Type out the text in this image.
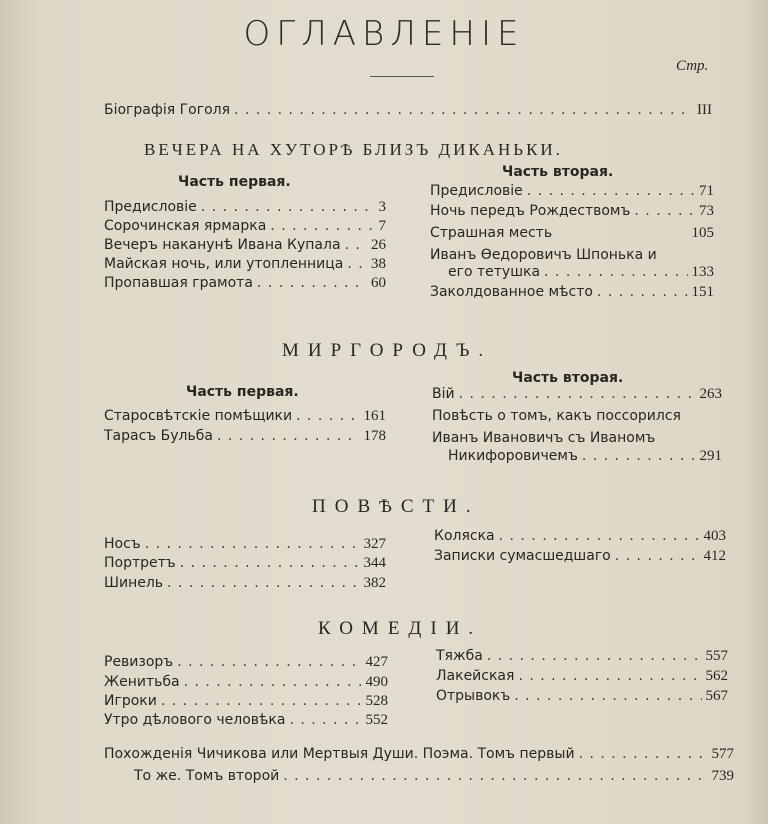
ОГЛАВЛЕНIЕ
Стр.
Бiографiя Гоголя . . .	III
ВЕЧЕРА НА ХУТОРѢ БЛИЗЪ ДИКАНЬКИ.
Часть первая.
Часть вторая.
Предисловiе . . .	3
Сорочинская ярмарка . . .	7
Вечеръ наканунѣ Ивана Купала . . . 26
Майская ночь, или утопленница . . . 38
Пропавшая грамота . . .	60
Предисловiе . . .	71
Ночь передъ Рождествомъ . . .	73
Страшная месть	105
Иванъ Ѳедоровичъ Шпонька и
его тетушка . . .	133
Заколдованное мѣсто . . .	151
МИРГОРОДЪ.
Часть первая.
Часть вторая.
Старосвѣтскiе помѣщики . . .	161
Тарасъ Бульба . . .	178
Вiй . . .	263
Повѣсть о томъ, какъ поссорился
Иванъ Ивановичъ съ Иваномъ
Никифоровичемъ . . .	291
ПОВѢСТИ.
Носъ . . .	327
Портретъ . . .	344
Шинель . . .	382
Коляска . . .	403
Записки сумасшедшаго . . .	412
КОМЕДIИ.
Ревизоръ . . .	427
Женитьба . . .	490
Игроки . . .	528
Утро дѣлового человѣка . . .	552
Тяжба . . .	557
Лакейская . . .	562
Отрывокъ . . .	567
Похожденiя Чичикова или Мертвыя Души. Поэма. Томъ первый . . .	577
То же. Томъ второй . . .	739
